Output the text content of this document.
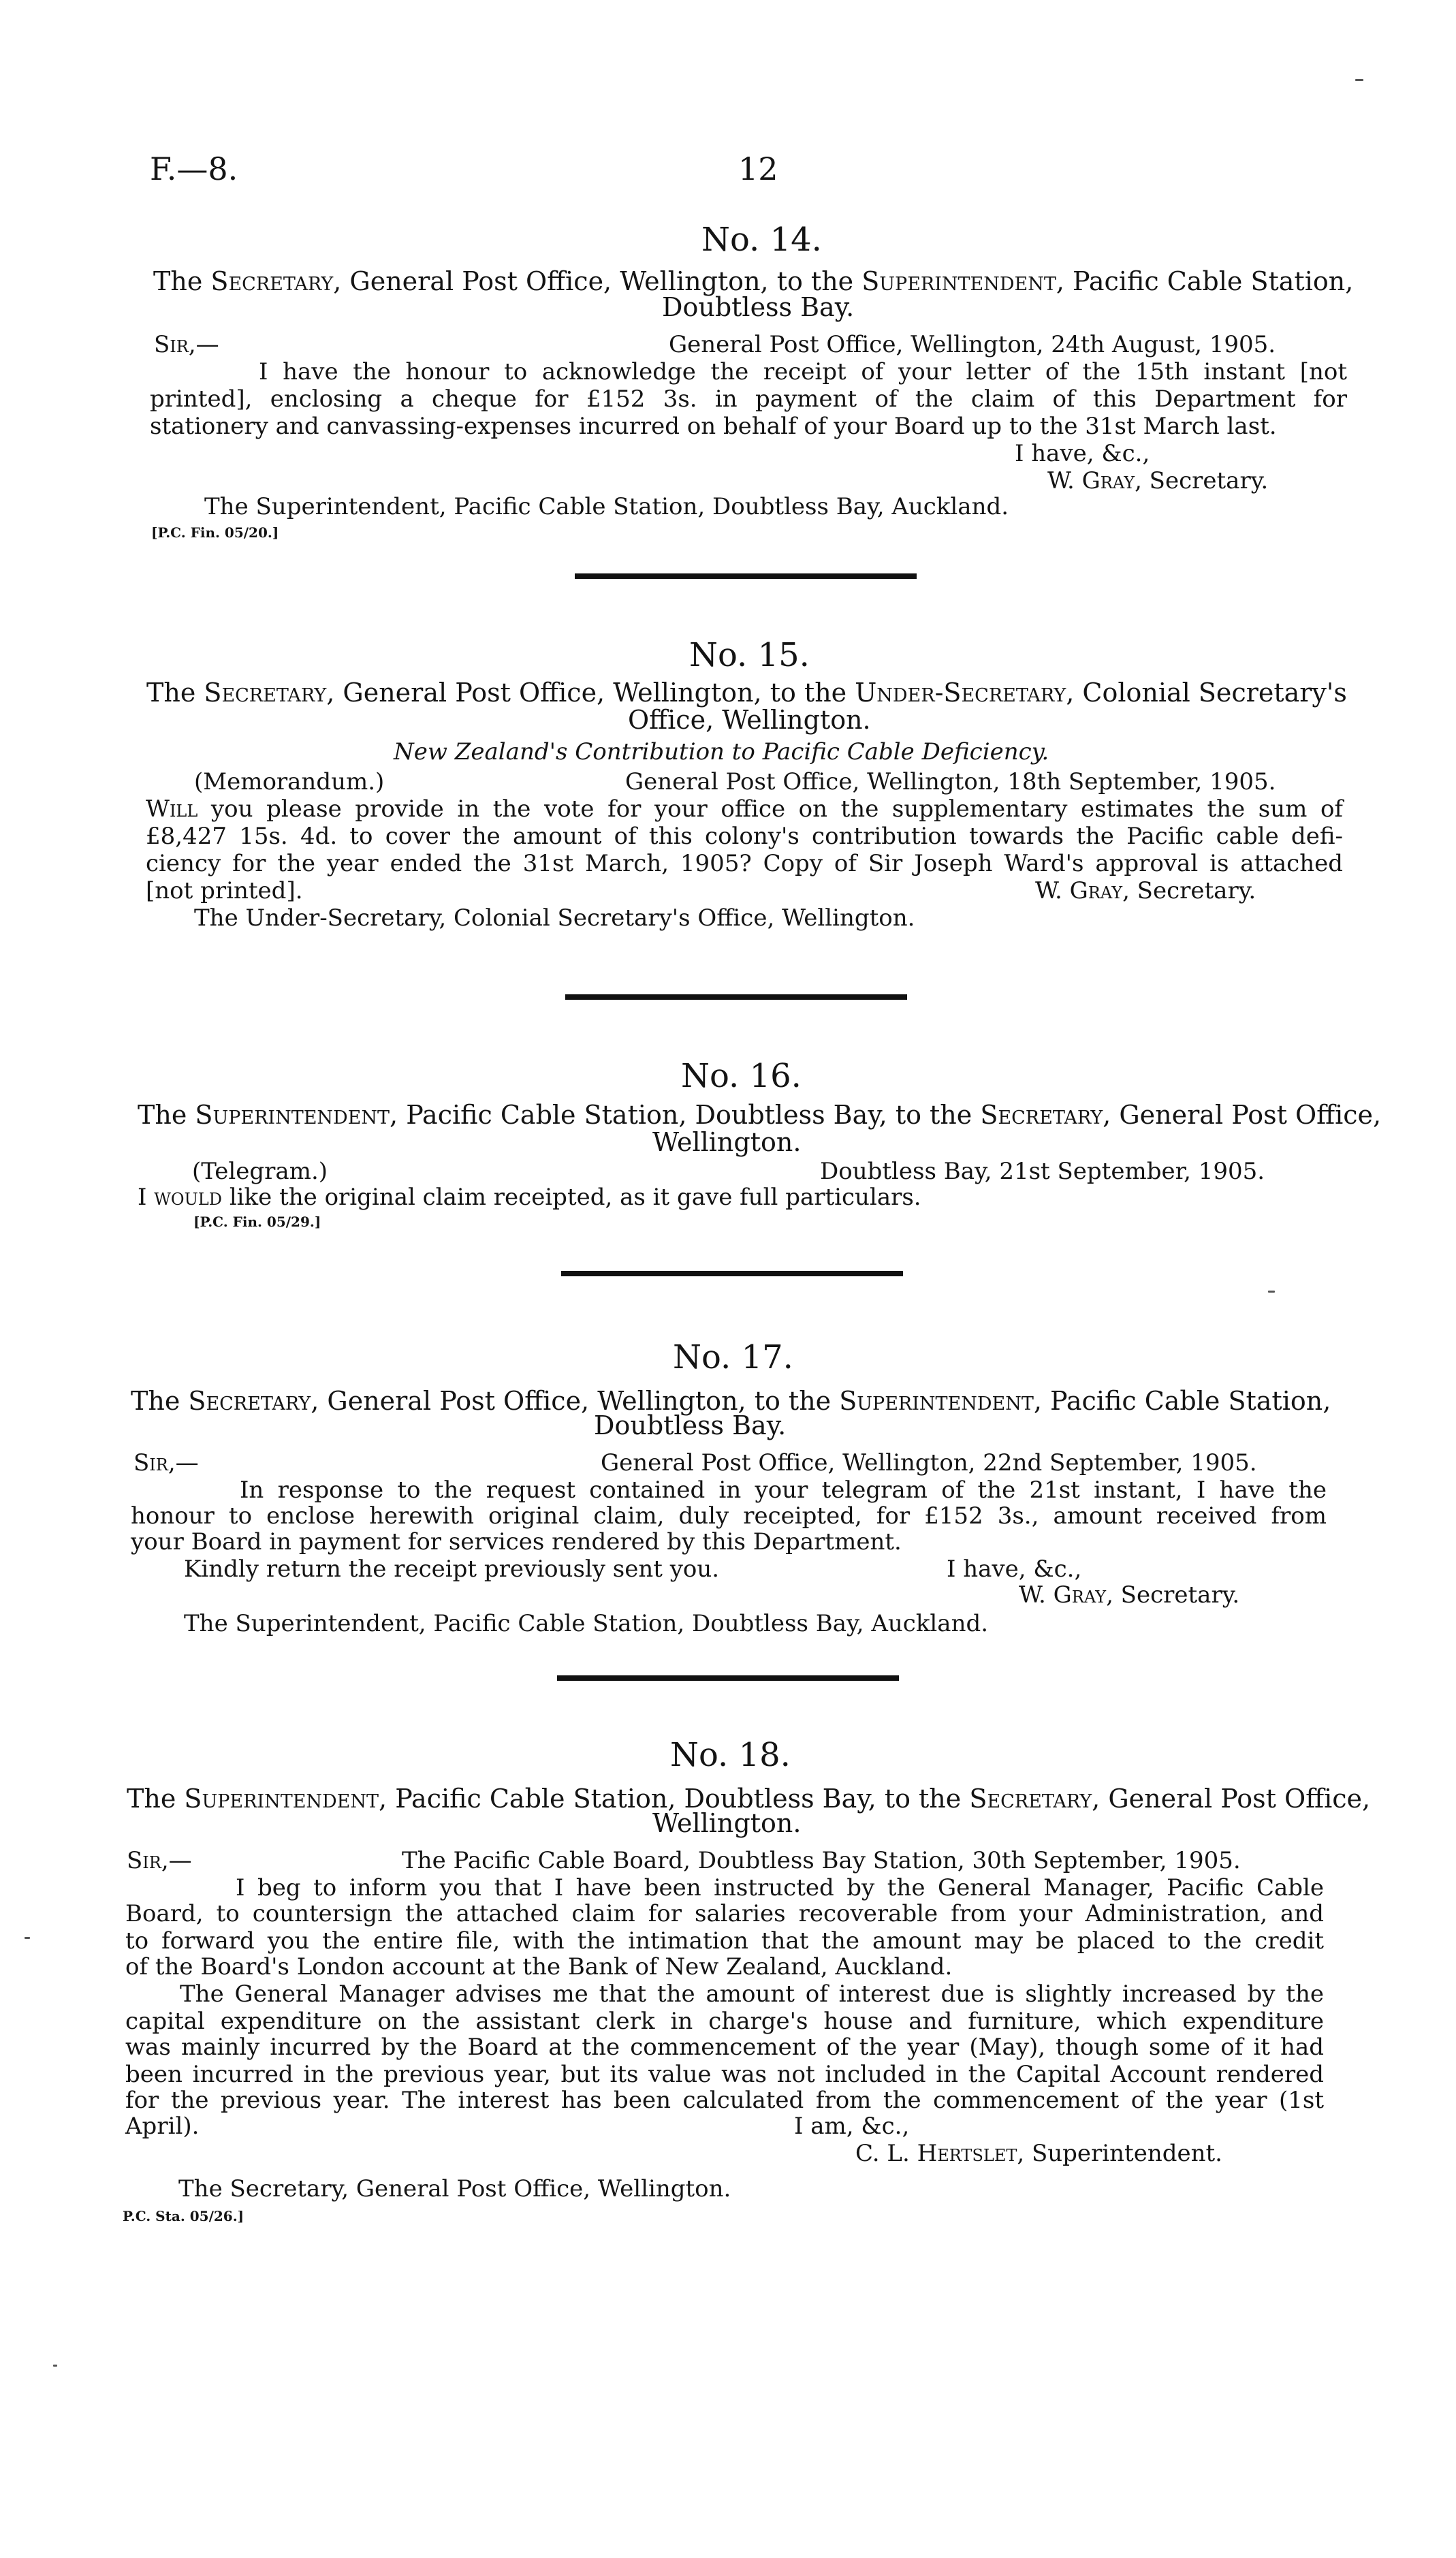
F.—8.	12
No. 14.
The Secretary, General Post Office, Wellington, to the Superintendent, Pacific Cable Station,
Doubtless Bay.
Sir,—	General Post Office, Wellington, 24th August, 1905.
I have the honour to acknowledge the receipt of your letter of the 15th instant [not
printed], enclosing a cheque for £152 3s. in payment of the claim of this Department for
stationery and canvassing-expenses incurred on behalf of your Board up to the 31st March last.
I have, &c.,
W. Gray, Secretary.
The Superintendent, Pacific Cable Station, Doubtless Bay, Auckland.
[P.C. Fin. 05/20.]
No. 15.
The Secretary, General Post Office, Wellington, to the Under-Secretary, Colonial Secretary's
Office, Wellington.
New Zealand's Contribution to Pacific Cable Deficiency.
(Memorandum.)	General Post Office, Wellington, 18th September, 1905.
Will you please provide in the vote for your office on the supplementary estimates the sum of
£8,427 15s. 4d. to cover the amount of this colony's contribution towards the Pacific cable defi-
ciency for the year ended the 31st March, 1905? Copy of Sir Joseph Ward's approval is attached
[not printed].	W. Gray, Secretary.
The Under-Secretary, Colonial Secretary's Office, Wellington.
No. 16.
The Superintendent, Pacific Cable Station, Doubtless Bay, to the Secretary, General Post Office,
Wellington.
(Telegram.)	Doubtless Bay, 21st September, 1905.
I would like the original claim receipted, as it gave full particulars.
[P.C. Fin. 05/29.]
No. 17.
The Secretary, General Post Office, Wellington, to the Superintendent, Pacific Cable Station,
Doubtless Bay.
Sir,—	General Post Office, Wellington, 22nd September, 1905.
In response to the request contained in your telegram of the 21st instant, I have the
honour to enclose herewith original claim, duly receipted, for £152 3s., amount received from
your Board in payment for services rendered by this Department.
Kindly return the receipt previously sent you.	I have, &c.,
W. Gray, Secretary.
The Superintendent, Pacific Cable Station, Doubtless Bay, Auckland.
No. 18.
The Superintendent, Pacific Cable Station, Doubtless Bay, to the Secretary, General Post Office,
Wellington.
Sir,—	The Pacific Cable Board, Doubtless Bay Station, 30th September, 1905.
I beg to inform you that I have been instructed by the General Manager, Pacific Cable
Board, to countersign the attached claim for salaries recoverable from your Administration, and
to forward you the entire file, with the intimation that the amount may be placed to the credit
of the Board's London account at the Bank of New Zealand, Auckland.
The General Manager advises me that the amount of interest due is slightly increased by the
capital expenditure on the assistant clerk in charge's house and furniture, which expenditure
was mainly incurred by the Board at the commencement of the year (May), though some of it had
been incurred in the previous year, but its value was not included in the Capital Account rendered
for the previous year. The interest has been calculated from the commencement of the year (1st
April).	I am, &c.,
C. L. Hertslet, Superintendent.
The Secretary, General Post Office, Wellington.
P.C. Sta. 05/26.]
